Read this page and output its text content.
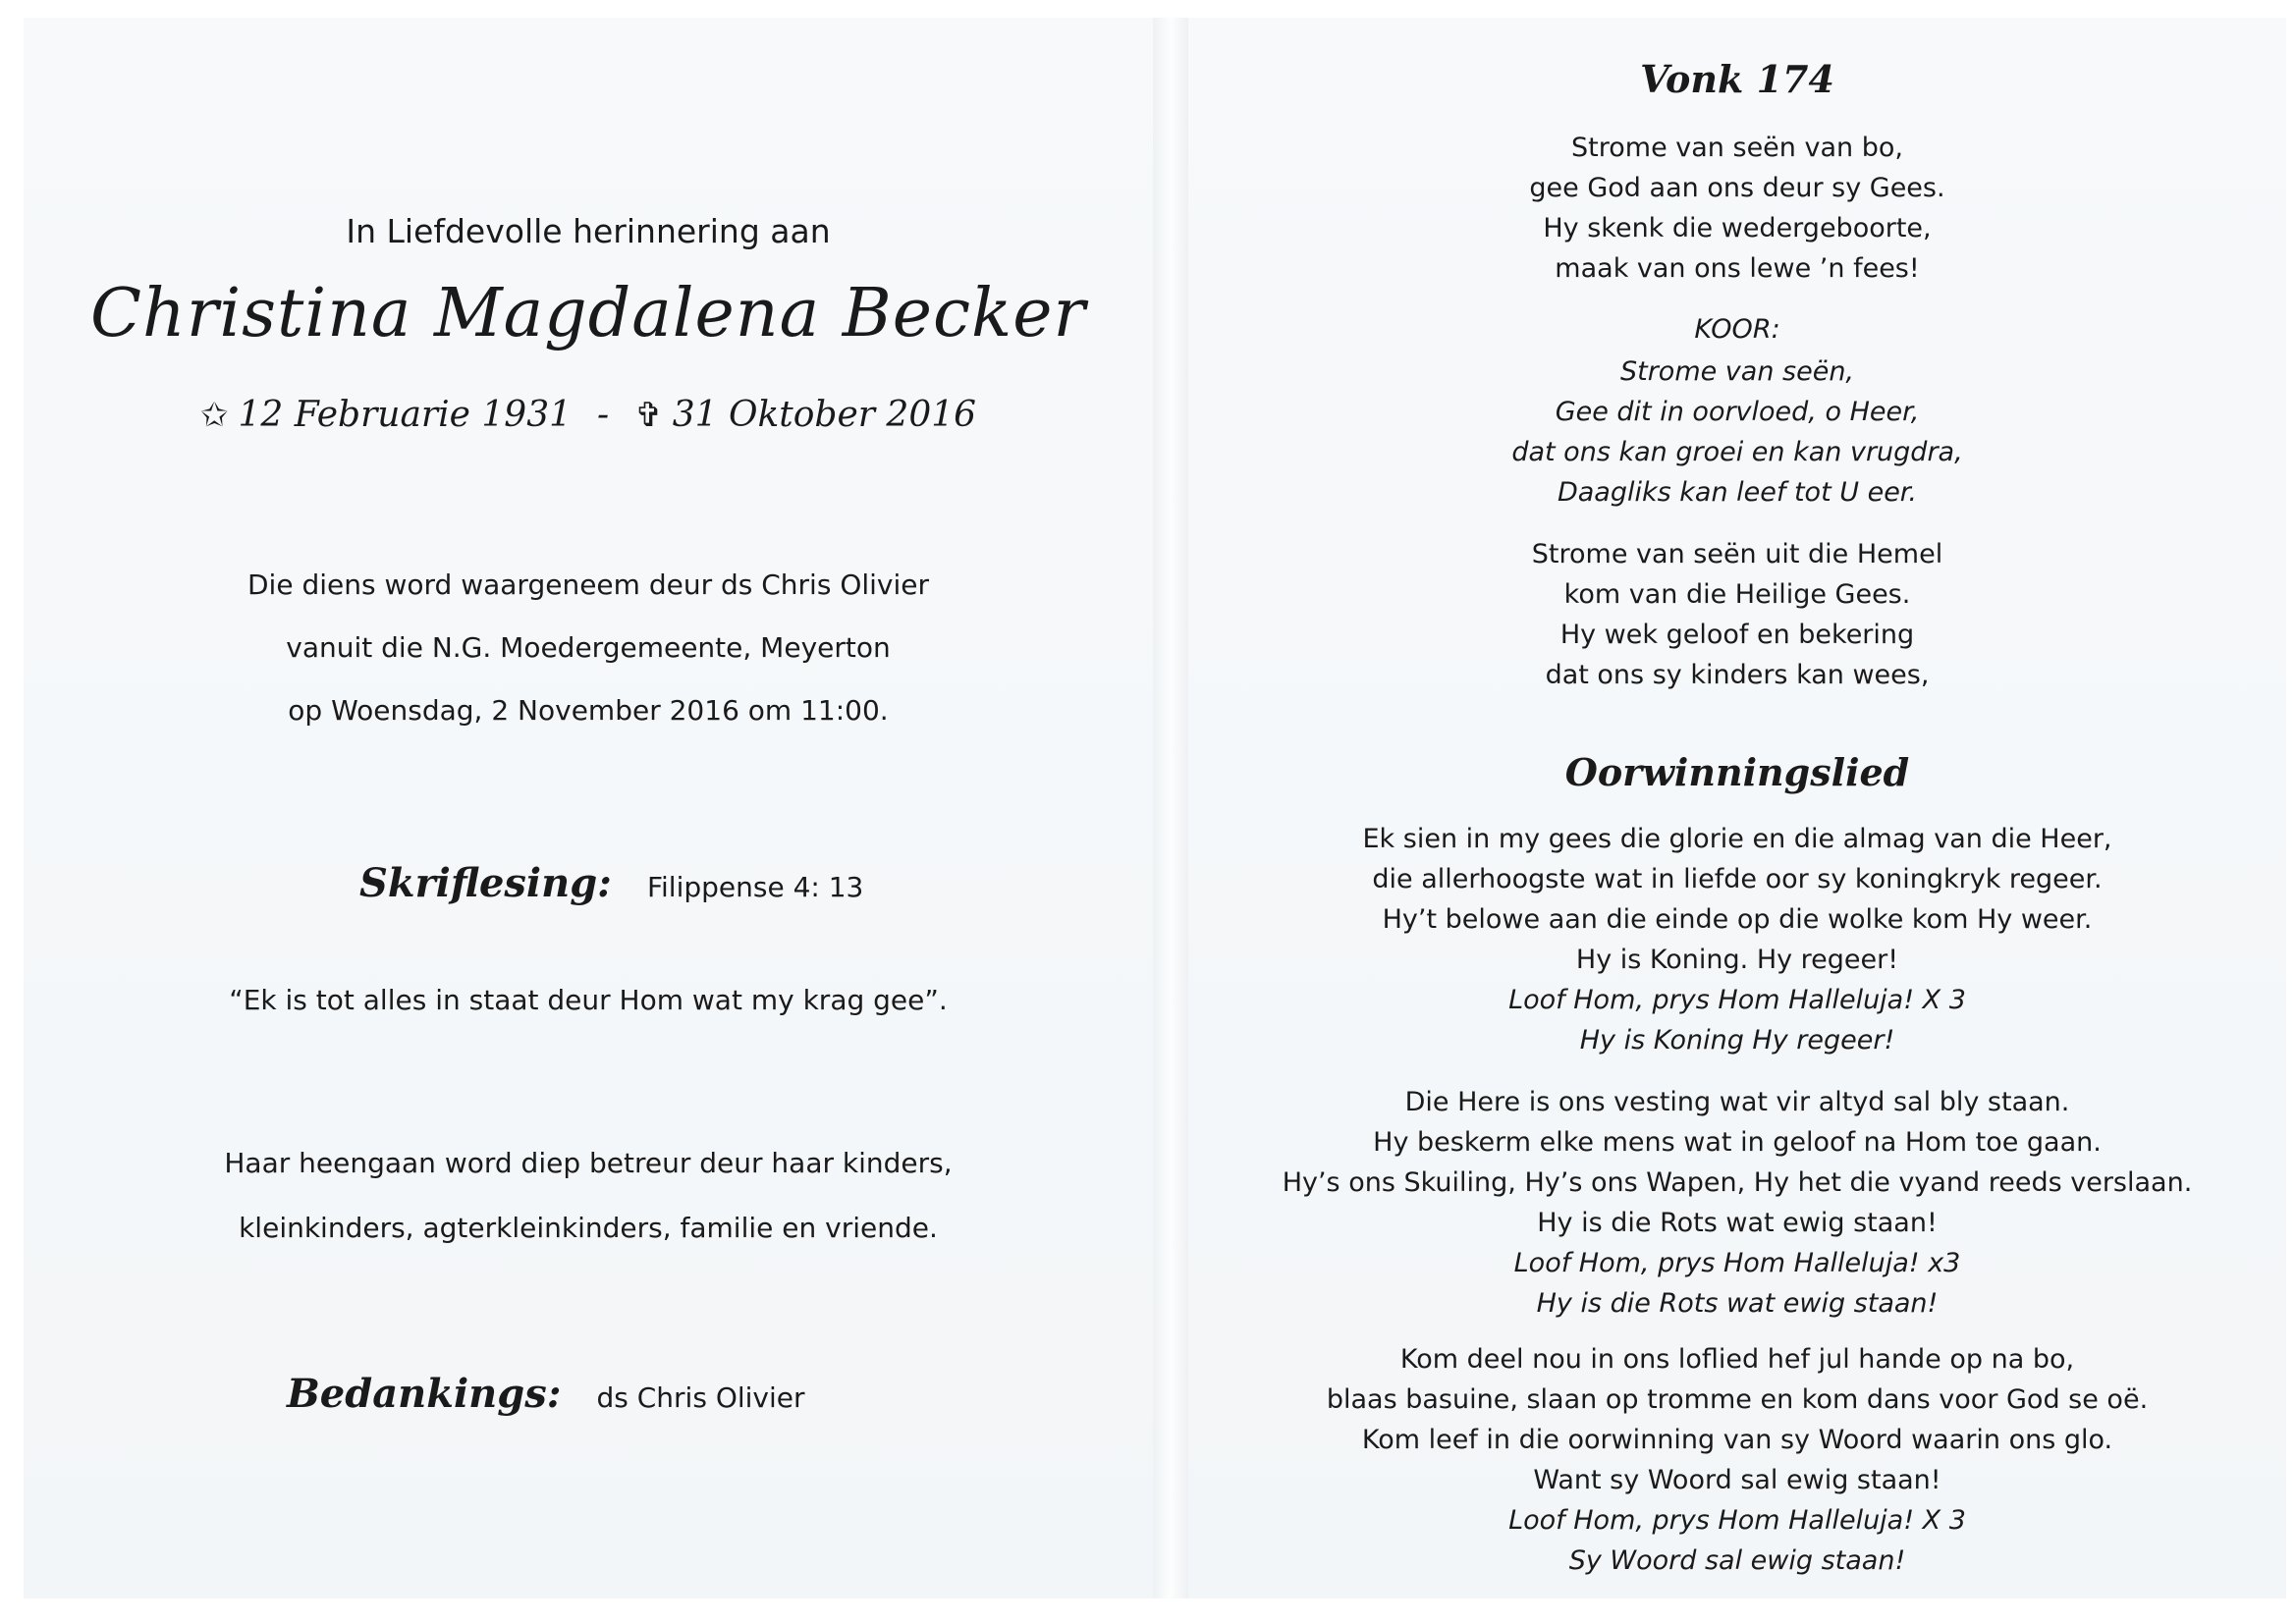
In Liefdevolle herinnering aan
Christina Magdalena Becker
✩ 12 Februarie 1931 - ✞ 31 Oktober 2016
Die diens word waargeneem deur ds Chris Olivier
vanuit die N.G. Moedergemeente, Meyerton
op Woensdag, 2 November 2016 om 11:00.
Skriflesing: Filippense 4: 13
“Ek is tot alles in staat deur Hom wat my krag gee”.
Haar heengaan word diep betreur deur haar kinders,
kleinkinders, agterkleinkinders, familie en vriende.
Bedankings: ds Chris Olivier
Vonk 174
Strome van seën van bo,
gee God aan ons deur sy Gees.
Hy skenk die wedergeboorte,
maak van ons lewe ’n fees!
KOOR:
Strome van seën,
Gee dit in oorvloed, o Heer,
dat ons kan groei en kan vrugdra,
Daagliks kan leef tot U eer.
Strome van seën uit die Hemel
kom van die Heilige Gees.
Hy wek geloof en bekering
dat ons sy kinders kan wees,
Oorwinningslied
Ek sien in my gees die glorie en die almag van die Heer,
die allerhoogste wat in liefde oor sy koningkryk regeer.
Hy’t belowe aan die einde op die wolke kom Hy weer.
Hy is Koning. Hy regeer!
Loof Hom, prys Hom Halleluja! X 3
Hy is Koning Hy regeer!
Die Here is ons vesting wat vir altyd sal bly staan.
Hy beskerm elke mens wat in geloof na Hom toe gaan.
Hy’s ons Skuiling, Hy’s ons Wapen, Hy het die vyand reeds verslaan.
Hy is die Rots wat ewig staan!
Loof Hom, prys Hom Halleluja! x3
Hy is die Rots wat ewig staan!
Kom deel nou in ons loflied hef jul hande op na bo,
blaas basuine, slaan op tromme en kom dans voor God se oë.
Kom leef in die oorwinning van sy Woord waarin ons glo.
Want sy Woord sal ewig staan!
Loof Hom, prys Hom Halleluja! X 3
Sy Woord sal ewig staan!
